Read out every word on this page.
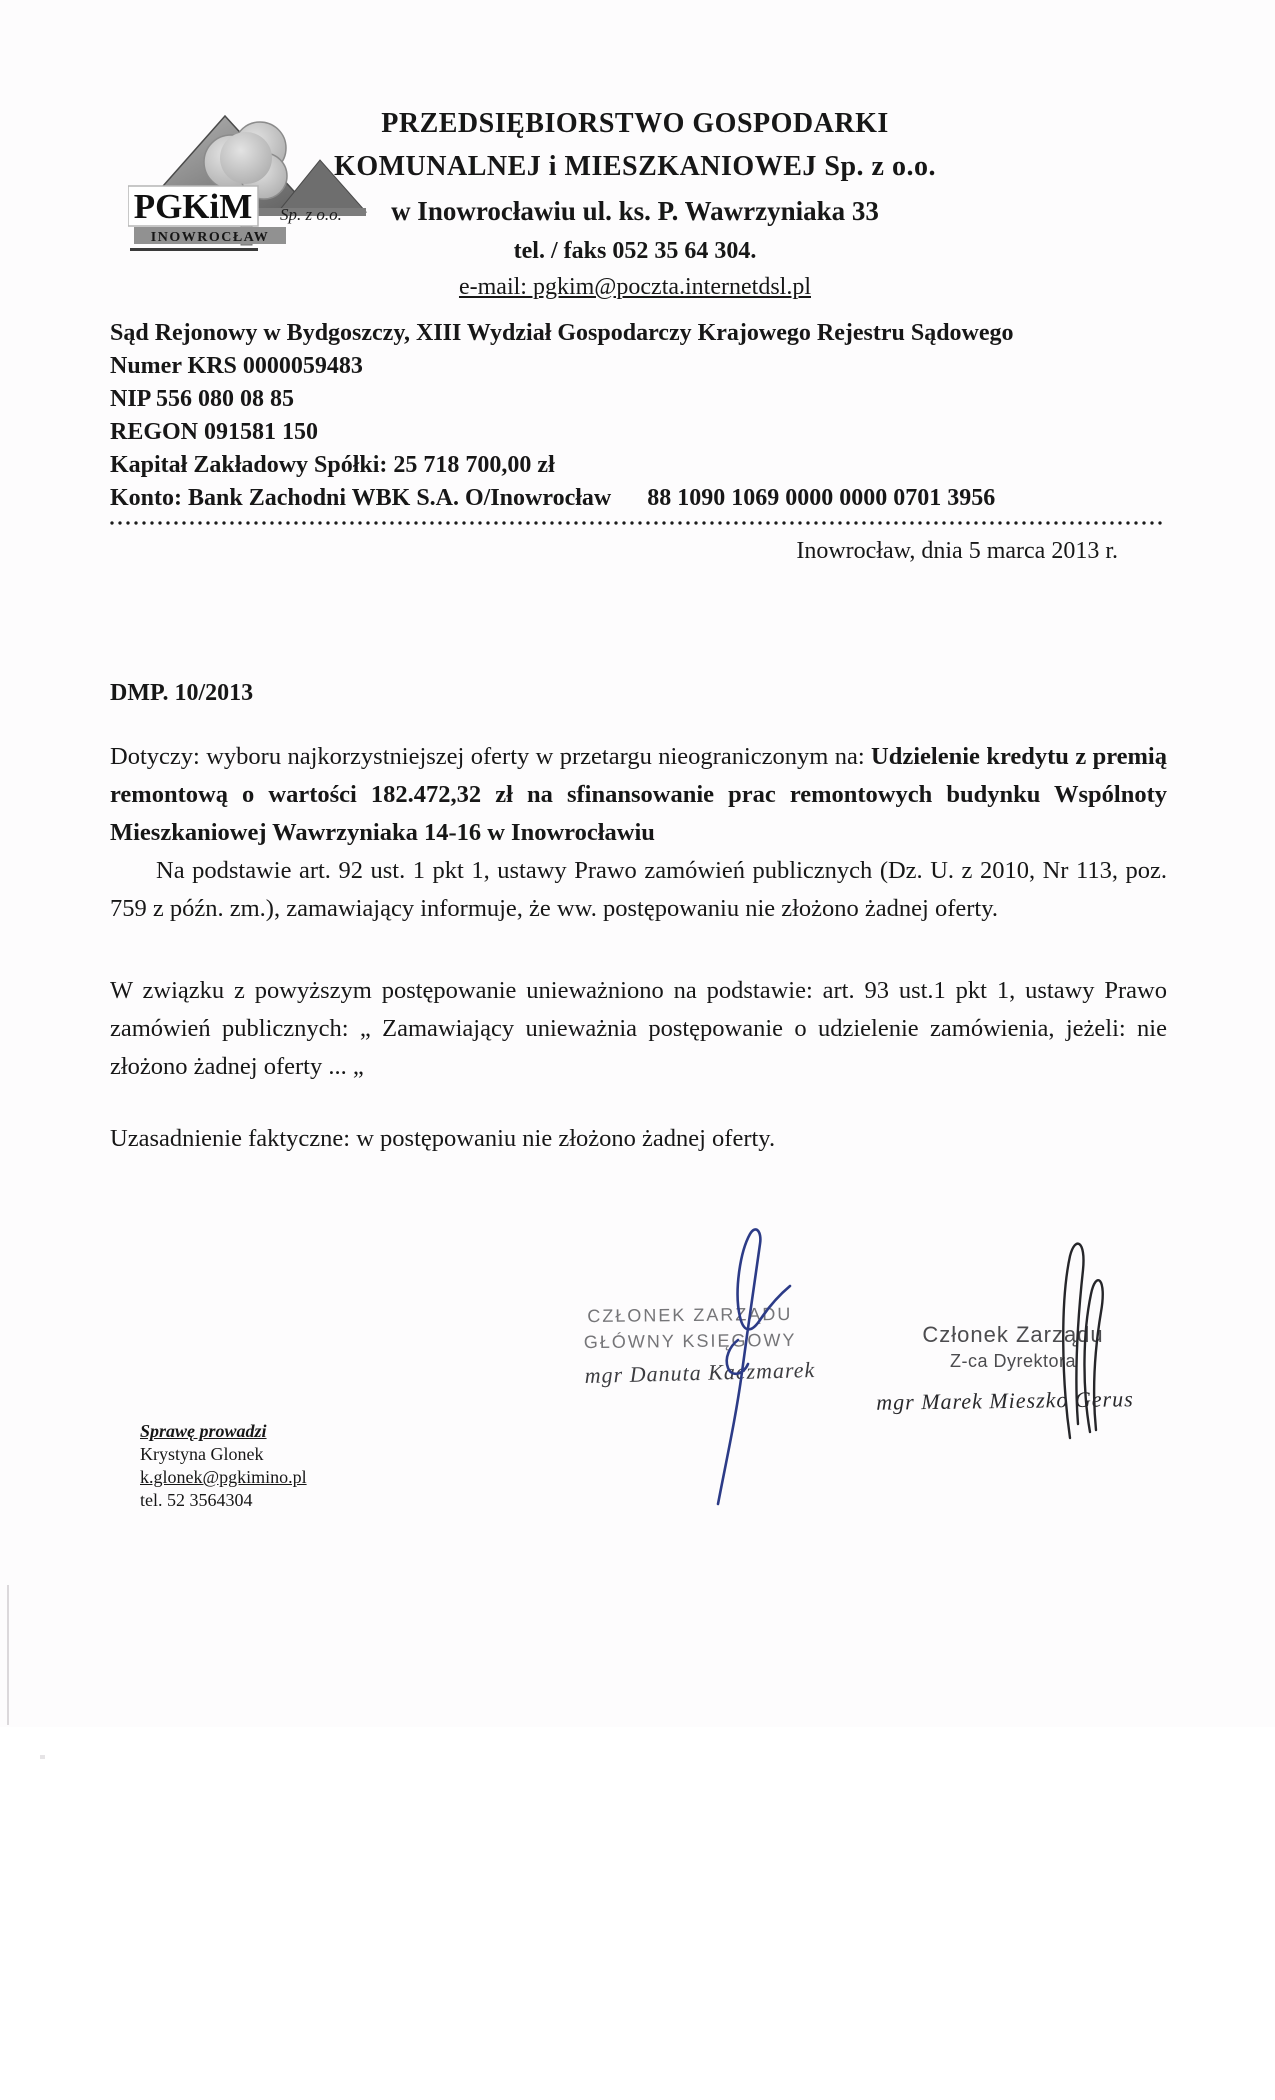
PGKiM Sp. z o.o.
INOWROCŁAW
PRZEDSIĘBIORSTWO GOSPODARKI
KOMUNALNEJ i MIESZKANIOWEJ Sp. z o.o.
w Inowrocławiu ul. ks. P. Wawrzyniaka 33
tel. / faks 052 35 64 304.
e-mail: pgkim@poczta.internetdsl.pl
Sąd Rejonowy w Bydgoszczy, XIII Wydział Gospodarczy Krajowego Rejestru Sądowego
Numer KRS 0000059483
NIP 556 080 08 85
REGON 091581 150
Kapitał Zakładowy Spółki: 25 718 700,00 zł
Konto: Bank Zachodni WBK S.A. O/Inowrocław 88 1090 1069 0000 0000 0701 3956
Inowrocław, dnia 5 marca 2013 r.
DMP. 10/2013
Dotyczy: wyboru najkorzystniejszej oferty w przetargu nieograniczonym na: Udzielenie kredytu z premią remontową o wartości 182.472,32 zł na sfinansowanie prac remontowych budynku Wspólnoty Mieszkaniowej Wawrzyniaka 14-16 w Inowrocławiu
Na podstawie art. 92 ust. 1 pkt 1, ustawy Prawo zamówień publicznych (Dz. U. z 2010, Nr 113, poz. 759 z późn. zm.), zamawiający informuje, że ww. postępowaniu nie złożono żadnej oferty.
W związku z powyższym postępowanie unieważniono na podstawie: art. 93 ust.1 pkt 1, ustawy Prawo zamówień publicznych: „ Zamawiający unieważnia postępowanie o udzielenie zamówienia, jeżeli: nie złożono żadnej oferty ... „
Uzasadnienie faktyczne: w postępowaniu nie złożono żadnej oferty.
CZŁONEK ZARZĄDU
GŁÓWNY KSIĘGOWY
mgr Danuta Kaczmarek
Członek Zarządu
Z-ca Dyrektora
mgr Marek Mieszko Gerus
Sprawę prowadzi
Krystyna Glonek
k.glonek@pgkimino.pl
tel. 52 3564304
